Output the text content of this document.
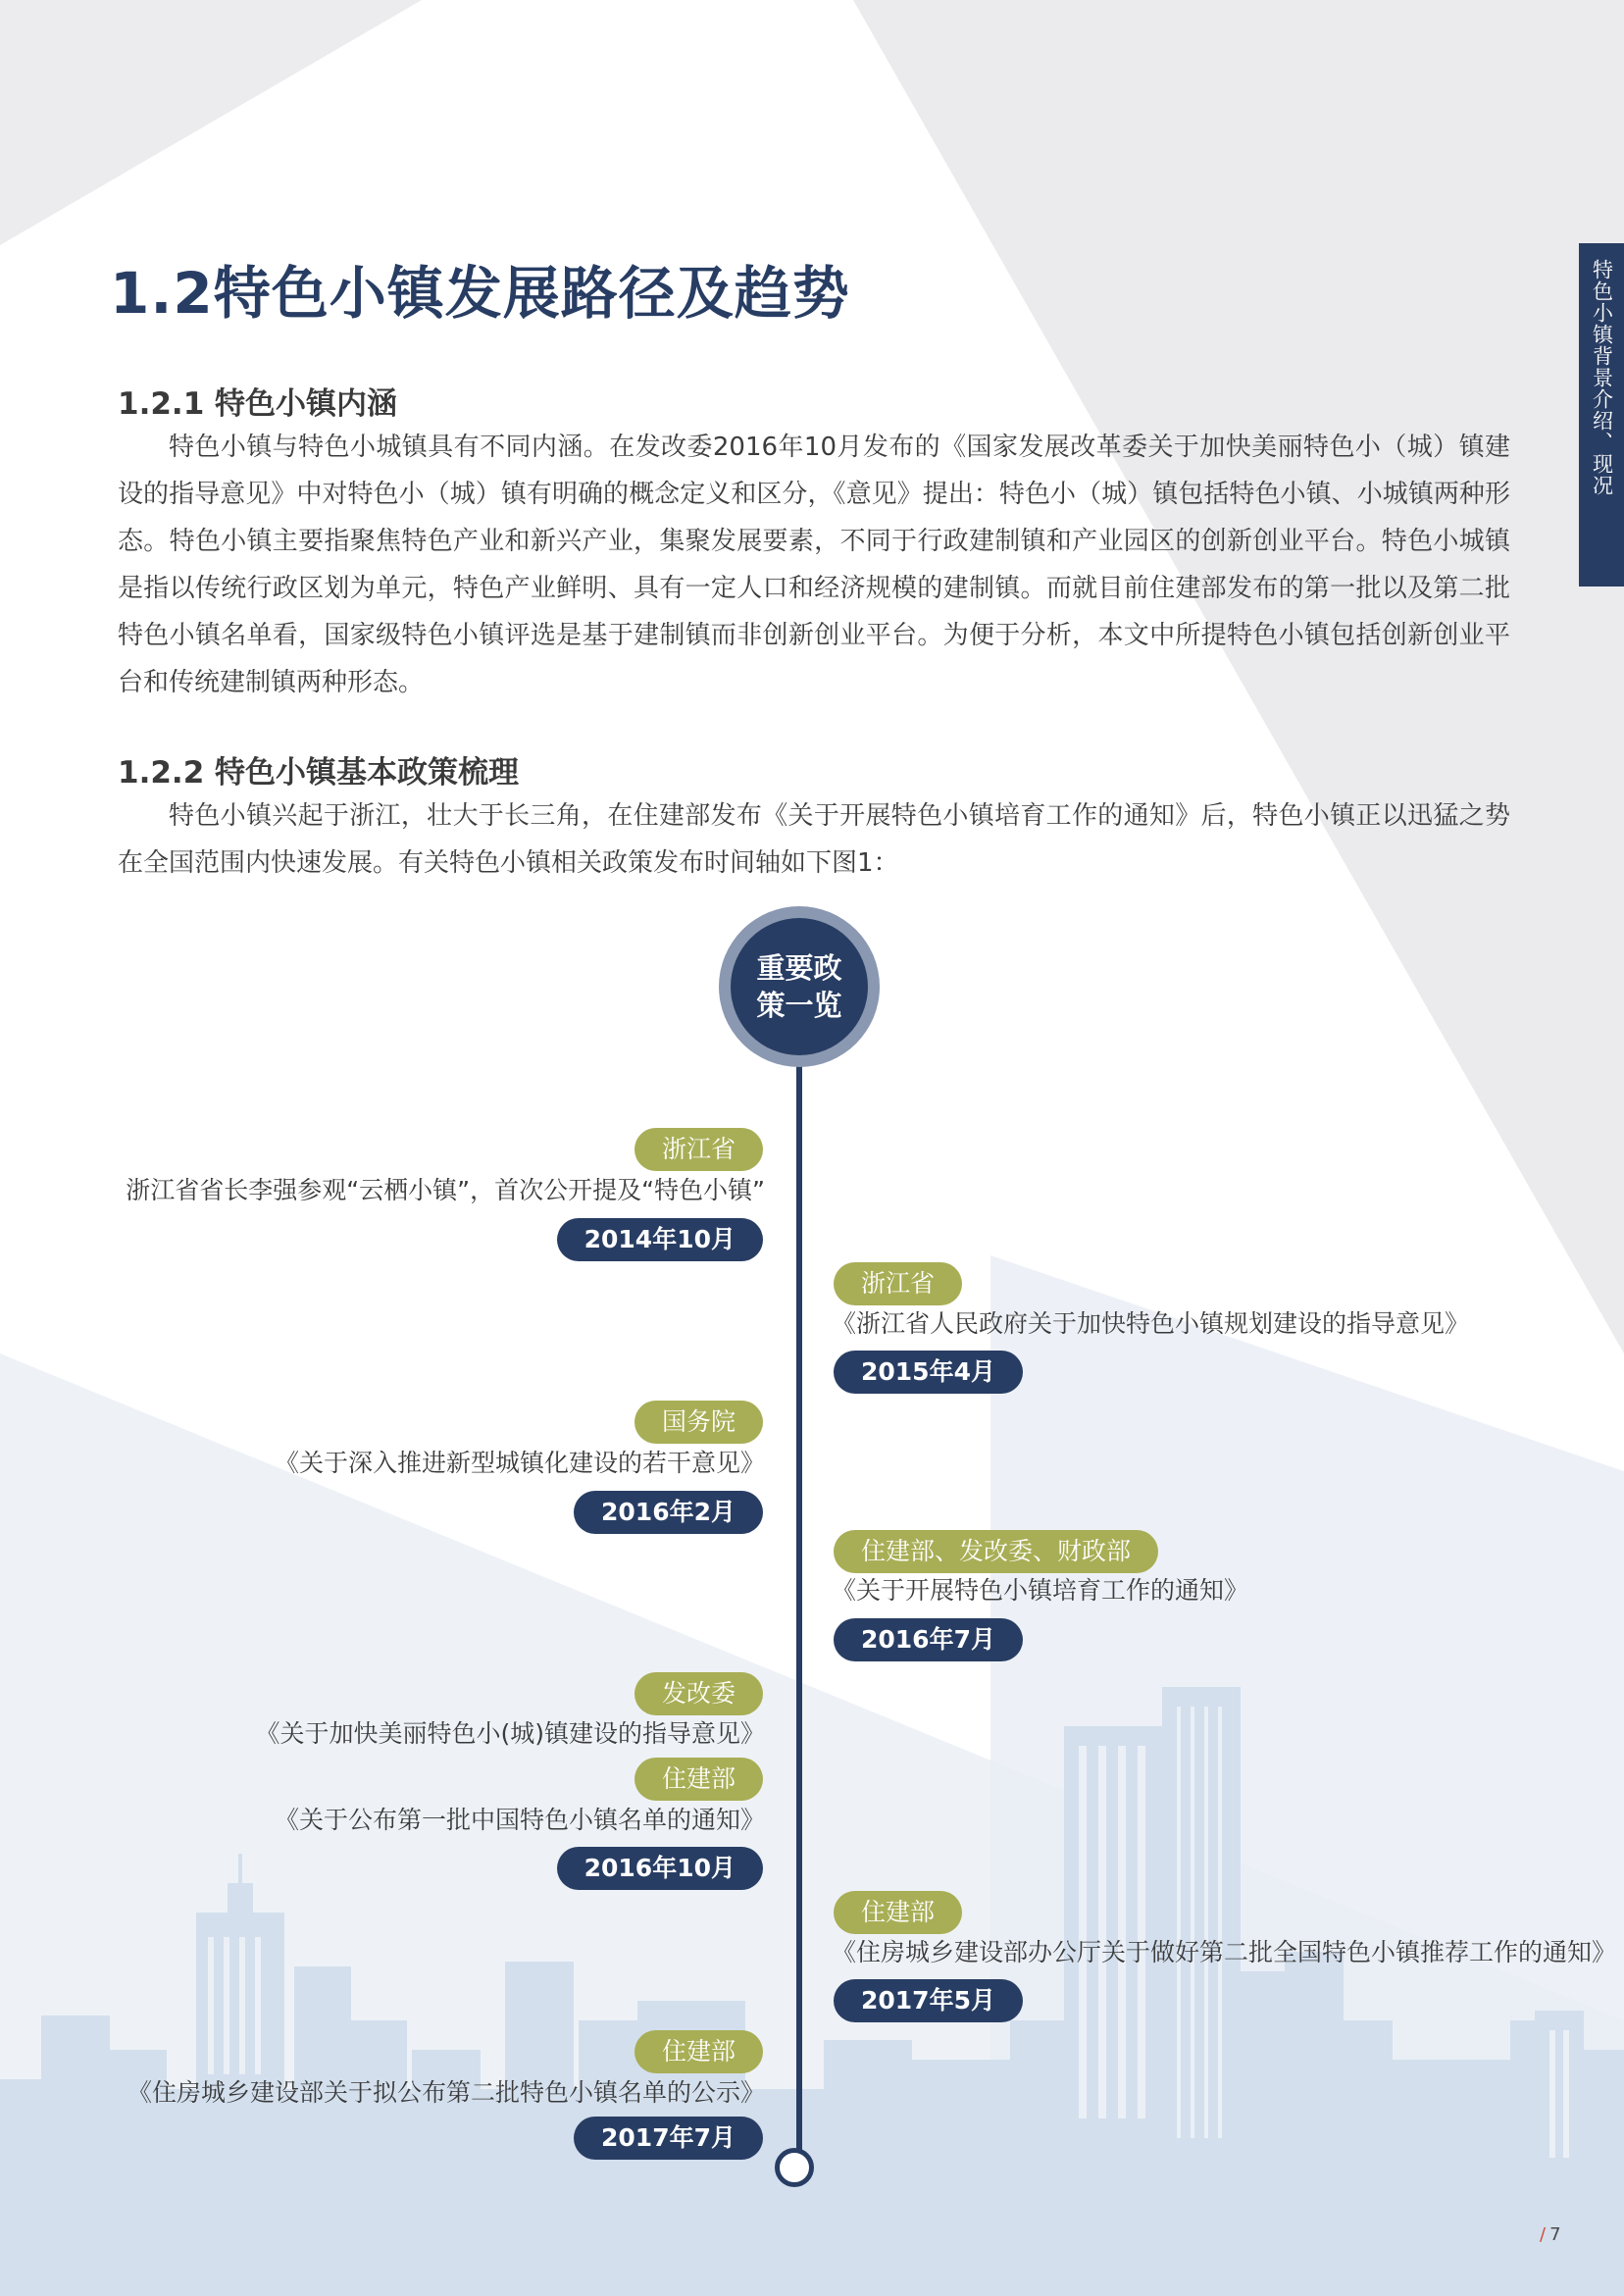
特色小镇背景介绍、现况
1.2特色小镇发展路径及趋势
1.2.1 特色小镇内涵

特色小镇与特色小城镇具有不同内涵。在发改委2016年10月发布的《国家发展改革委关于加快美丽特色小（城）镇建设的指导意见》中对特色小（城）镇有明确的概念定义和区分，《意见》提出：特色小（城）镇包括特色小镇、小城镇两种形态。特色小镇主要指聚焦特色产业和新兴产业，集聚发展要素，不同于行政建制镇和产业园区的创新创业平台。特色小城镇是指以传统行政区划为单元，特色产业鲜明、具有一定人口和经济规模的建制镇。而就目前住建部发布的第一批以及第二批特色小镇名单看，国家级特色小镇评选是基于建制镇而非创新创业平台。为便于分析，本文中所提特色小镇包括创新创业平台和传统建制镇两种形态。

1.2.2 特色小镇基本政策梳理

特色小镇兴起于浙江，壮大于长三角，在住建部发布《关于开展特色小镇培育工作的通知》后，特色小镇正以迅猛之势在全国范围内快速发展。有关特色小镇相关政策发布时间轴如下图1：

重要政
策一览
浙江省
浙江省省长李强参观“云栖小镇”，首次公开提及“特色小镇”
2014年10月
浙江省
《浙江省人民政府关于加快特色小镇规划建设的指导意见》
2015年4月
国务院
《关于深入推进新型城镇化建设的若干意见》
2016年2月
住建部、发改委、财政部
《关于开展特色小镇培育工作的通知》
2016年7月
发改委
《关于加快美丽特色小(城)镇建设的指导意见》
住建部
《关于公布第一批中国特色小镇名单的通知》
2016年10月
住建部
《住房城乡建设部办公厅关于做好第二批全国特色小镇推荐工作的通知》
2017年5月
住建部
《住房城乡建设部关于拟公布第二批特色小镇名单的公示》
2017年7月
/ 7
